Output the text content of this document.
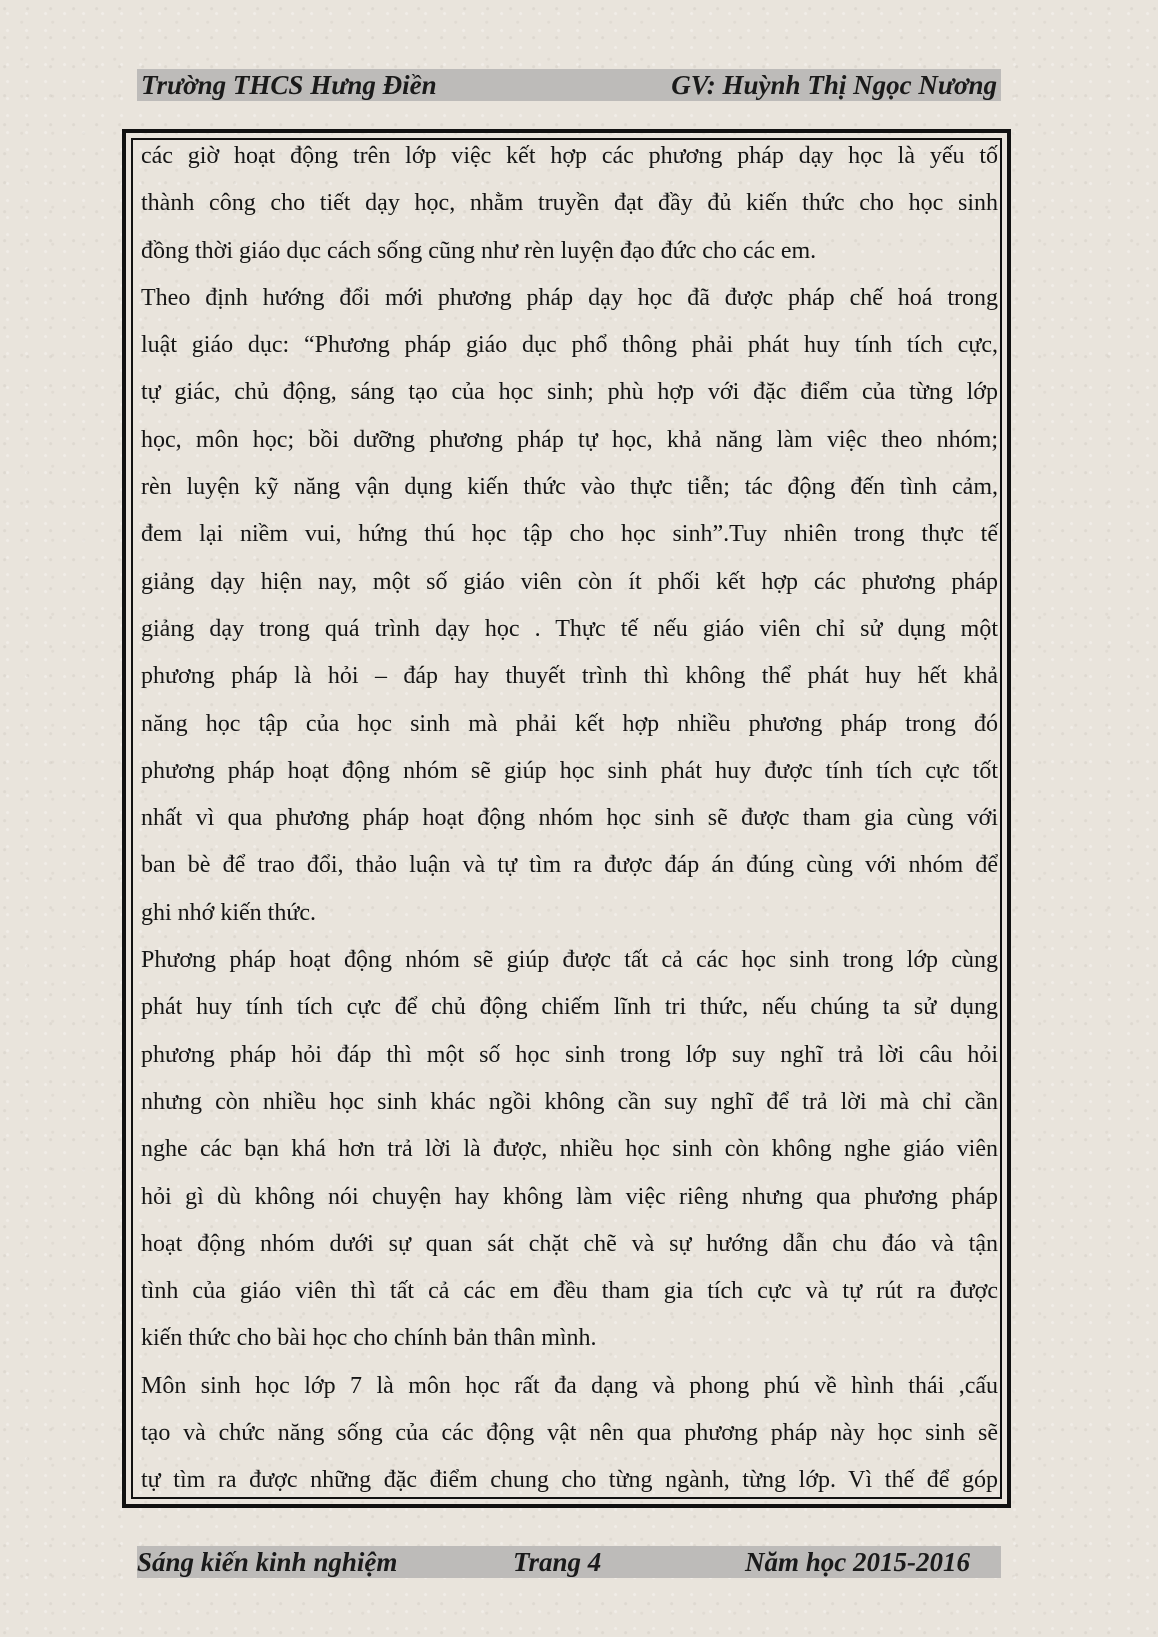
Trường THCS Hưng Điền	GV: Huỳnh Thị Ngọc Nương
các giờ hoạt động trên lớp việc kết hợp các phương pháp dạy học là yếu tố
thành công cho tiết dạy học, nhằm truyền đạt đầy đủ kiến thức cho học sinh
đồng thời giáo dục cách sống cũng như rèn luyện đạo đức cho các em.
Theo định hướng đổi mới phương pháp dạy học đã được pháp chế hoá trong
luật giáo dục: “Phương pháp giáo dục phổ thông phải phát huy tính tích cực,
tự giác, chủ động, sáng tạo của học sinh; phù hợp với đặc điểm của từng lớp
học, môn học; bồi dưỡng phương pháp tự học, khả năng làm việc theo nhóm;
rèn luyện kỹ năng vận dụng kiến thức vào thực tiễn; tác động đến tình cảm,
đem lại niềm vui, hứng thú học tập cho học sinh”.Tuy nhiên trong thực tế
giảng dạy hiện nay, một số giáo viên còn ít phối kết hợp các phương pháp
giảng dạy trong quá trình dạy học . Thực tế nếu giáo viên chỉ sử dụng một
phương pháp là hỏi – đáp hay thuyết trình thì không thể phát huy hết khả
năng học tập của học sinh mà phải kết hợp nhiều phương pháp trong đó
phương pháp hoạt động nhóm sẽ giúp học sinh phát huy được tính tích cực tốt
nhất vì qua phương pháp hoạt động nhóm học sinh sẽ được tham gia cùng với
ban bè để trao đổi, thảo luận và tự tìm ra được đáp án đúng cùng với nhóm để
ghi nhớ kiến thức.
Phương pháp hoạt động nhóm sẽ giúp được tất cả các học sinh trong lớp cùng
phát huy tính tích cực để chủ động chiếm lĩnh tri thức, nếu chúng ta sử dụng
phương pháp hỏi đáp thì một số học sinh trong lớp suy nghĩ trả lời câu hỏi
nhưng còn nhiều học sinh khác ngồi không cần suy nghĩ để trả lời mà chỉ cần
nghe các bạn khá hơn trả lời là được, nhiều học sinh còn không nghe giáo viên
hỏi gì dù không nói chuyện hay không làm việc riêng nhưng qua phương pháp
hoạt động nhóm dưới sự quan sát chặt chẽ và sự hướng dẫn chu đáo và tận
tình của giáo viên thì tất cả các em đều tham gia tích cực và tự rút ra được
kiến thức cho bài học cho chính bản thân mình.
Môn sinh học lớp 7 là môn học rất đa dạng và phong phú về hình thái ,cấu
tạo và chức năng sống của các động vật nên qua phương pháp này học sinh sẽ
tự tìm ra được những đặc điểm chung cho từng ngành, từng lớp. Vì thế để góp
Sáng kiến kinh nghiệm	Trang 4	Năm học 2015-2016
